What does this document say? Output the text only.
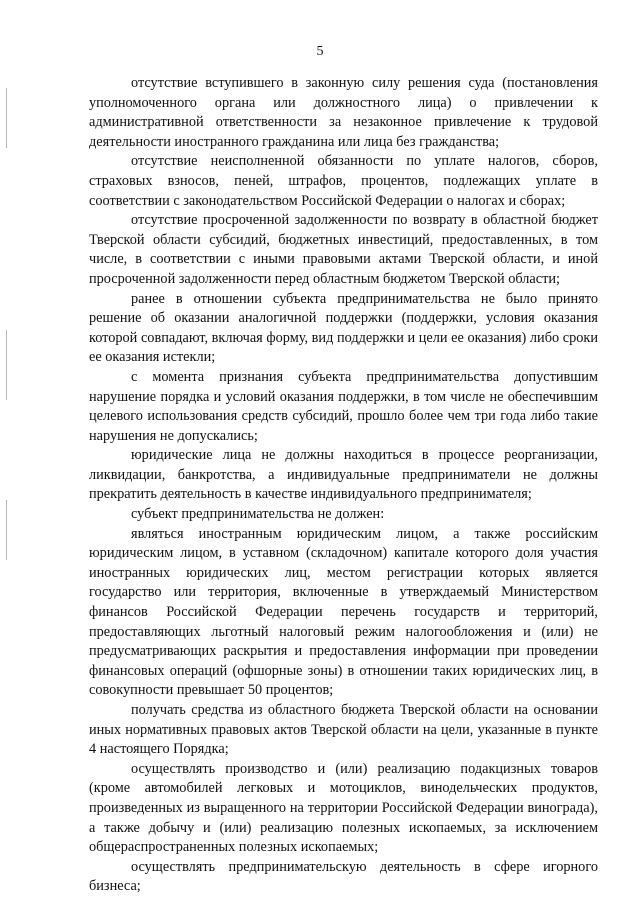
5

отсутствие вступившего в законную силу решения суда (постановления уполномоченного органа или должностного лица) о привлечении к административной ответственности за незаконное привлечение к трудовой деятельности иностранного гражданина или лица без гражданства;

отсутствие неисполненной обязанности по уплате налогов, сборов, страховых взносов, пеней, штрафов, процентов, подлежащих уплате в соответствии с законодательством Российской Федерации о налогах и сборах;

отсутствие просроченной задолженности по возврату в областной бюджет Тверской области субсидий, бюджетных инвестиций, предоставленных, в том числе, в соответствии с иными правовыми актами Тверской области, и иной просроченной задолженности перед областным бюджетом Тверской области;

ранее в отношении субъекта предпринимательства не было принято решение об оказании аналогичной поддержки (поддержки, условия оказания которой совпадают, включая форму, вид поддержки и цели ее оказания) либо сроки ее оказания истекли;

с момента признания субъекта предпринимательства допустившим нарушение порядка и условий оказания поддержки, в том числе не обеспечившим целевого использования средств субсидий, прошло более чем три года либо такие нарушения не допускались;

юридические лица не должны находиться в процессе реорганизации, ликвидации, банкротства, а индивидуальные предприниматели не должны прекратить деятельность в качестве индивидуального предпринимателя;

субъект предпринимательства не должен:

являться иностранным юридическим лицом, а также российским юридическим лицом, в уставном (складочном) капитале которого доля участия иностранных юридических лиц, местом регистрации которых является государство или территория, включенные в утверждаемый Министерством финансов Российской Федерации перечень государств и территорий, предоставляющих льготный налоговый режим налогообложения и (или) не предусматривающих раскрытия и предоставления информации при проведении финансовых операций (офшорные зоны) в отношении таких юридических лиц, в совокупности превышает 50 процентов;

получать средства из областного бюджета Тверской области на основании иных нормативных правовых актов Тверской области на цели, указанные в пункте 4 настоящего Порядка;

осуществлять производство и (или) реализацию подакцизных товаров (кроме автомобилей легковых и мотоциклов, винодельческих продуктов, произведенных из выращенного на территории Российской Федерации винограда), а также добычу и (или) реализацию полезных ископаемых, за исключением общераспространенных полезных ископаемых;

осуществлять предпринимательскую деятельность в сфере игорного бизнеса;
